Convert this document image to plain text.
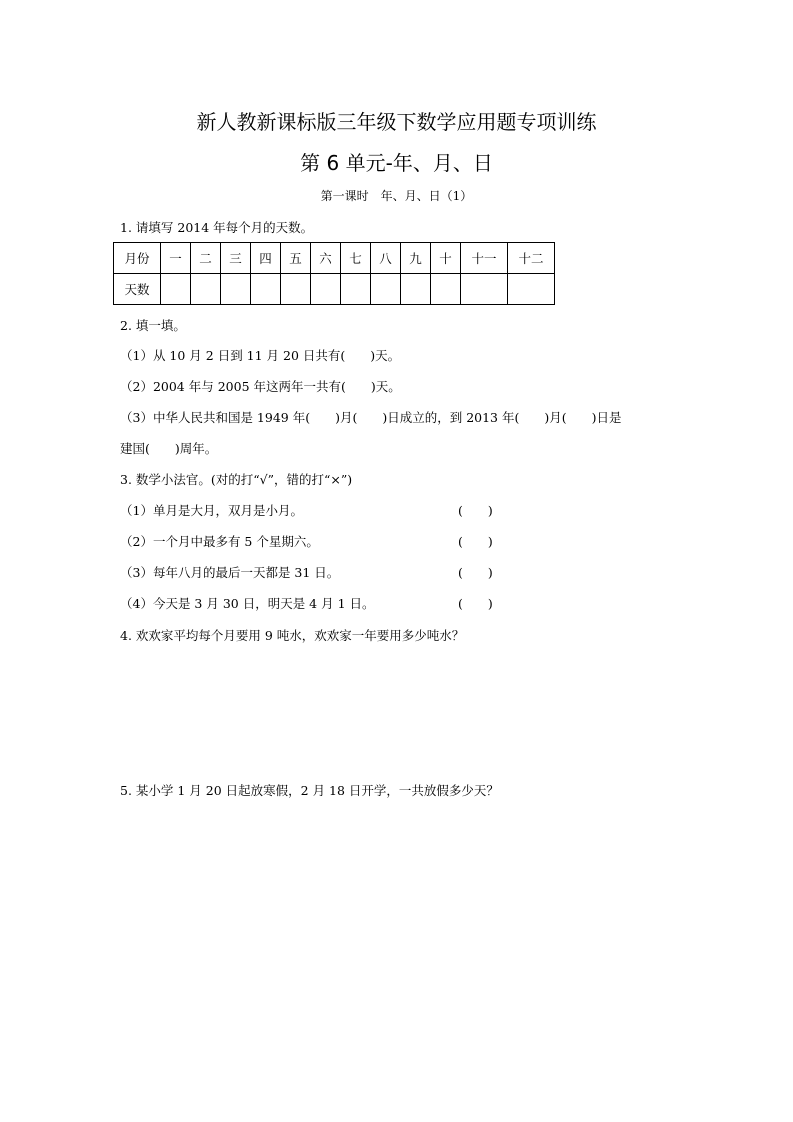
新人教新课标版三年级下数学应用题专项训练
第 6 单元-年、月、日
第一课时　年、月、日（1）
1. 请填写 2014 年每个月的天数。
月份	一	二	三	四	五	六	七	八	九	十	十一	十二
天数												
2. 填一填。
（1）从 10 月 2 日到 11 月 20 日共有(　　)天。
（2）2004 年与 2005 年这两年一共有(　　)天。
（3）中华人民共和国是 1949 年(　　)月(　　)日成立的，到 2013 年(　　)月(　　)日是
建国(　　)周年。
3. 数学小法官。(对的打“√”，错的打“×”)
（1）单月是大月，双月是小月。	(　　)
（2）一个月中最多有 5 个星期六。	(　　)
（3）每年八月的最后一天都是 31 日。	(　　)
（4）今天是 3 月 30 日，明天是 4 月 1 日。	(　　)
4. 欢欢家平均每个月要用 9 吨水，欢欢家一年要用多少吨水？
5. 某小学 1 月 20 日起放寒假，2 月 18 日开学，一共放假多少天？
